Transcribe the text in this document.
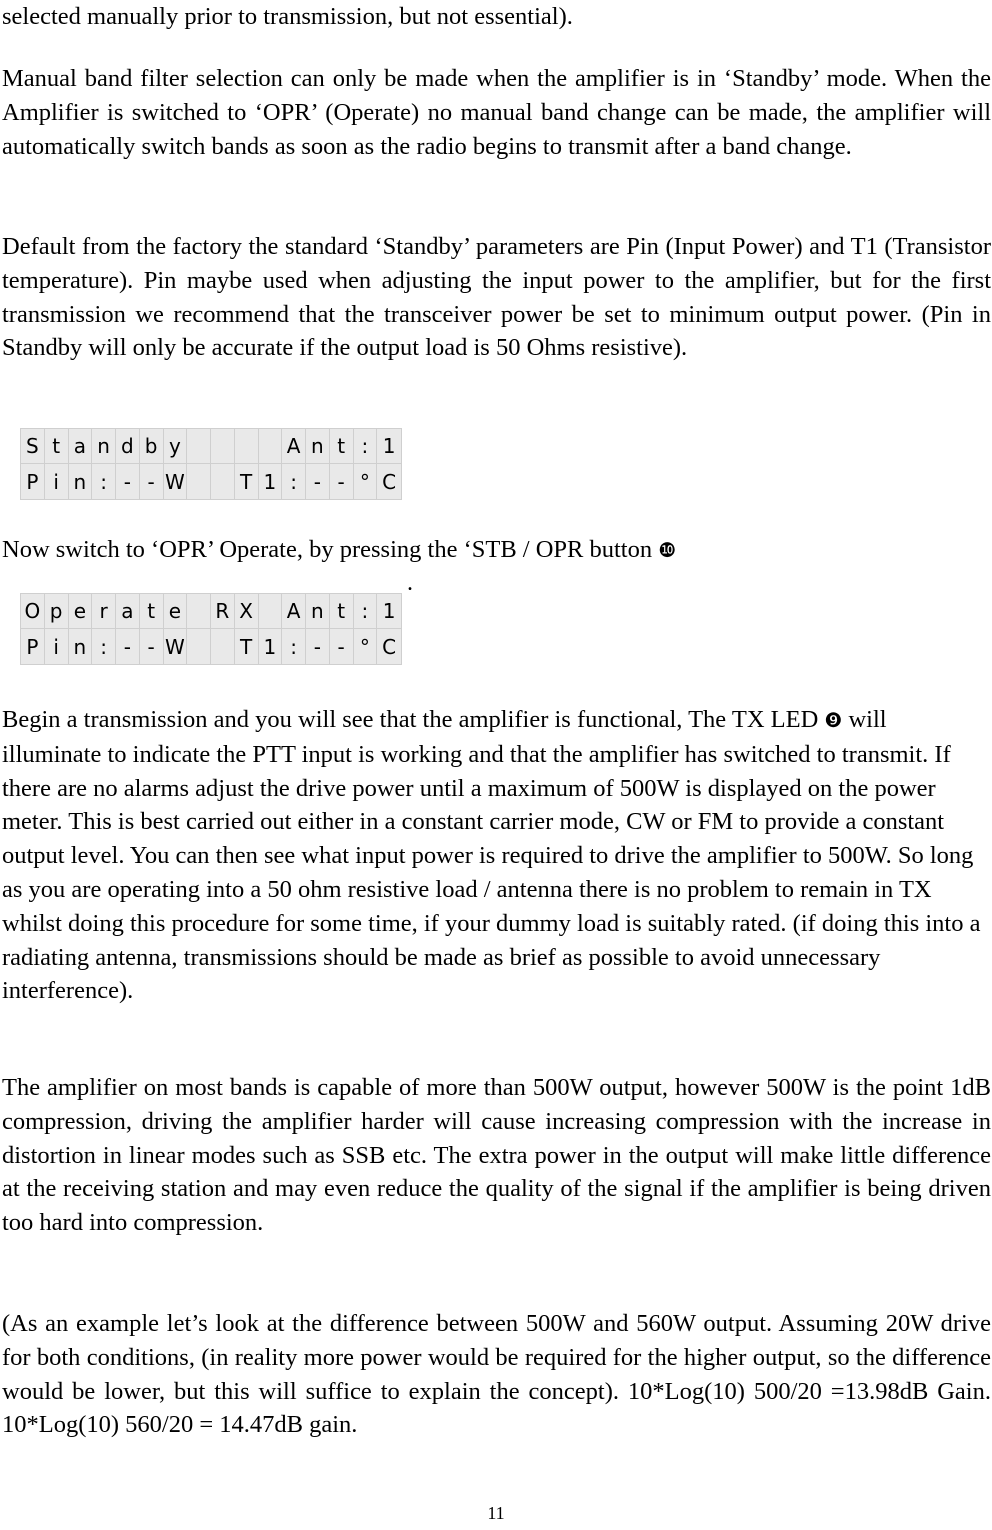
selected manually prior to transmission, but not essential).

Manual band filter selection can only be made when the amplifier is in ‘Standby’ mode. When the Amplifier is switched to ‘OPR’ (Operate) no manual band change can be made, the amplifier will automatically switch bands as soon as the radio begins to transmit after a band change.

Default from the factory the standard ‘Standby’ parameters are Pin (Input Power) and T1 (Transistor temperature). Pin maybe used when adjusting the input power to the amplifier, but for the first transmission we recommend that the transceiver power be set to minimum output power. (Pin in Standby will only be accurate if the output load is 50 Ohms resistive).

S t a n d b y	A n t : 1
P i n : - - W	T 1 : - - ° C

Now switch to ‘OPR’ Operate, by pressing the ‘STB / OPR button ❿

.
O p e r a t e	R X A n t : 1
P i n : - - W	T 1 : - - ° C

Begin a transmission and you will see that the amplifier is functional, The TX LED ❾ will illuminate to indicate the PTT input is working and that the amplifier has switched to transmit. If there are no alarms adjust the drive power until a maximum of 500W is displayed on the power meter. This is best carried out either in a constant carrier mode, CW or FM to provide a constant output level. You can then see what input power is required to drive the amplifier to 500W. So long as you are operating into a 50 ohm resistive load / antenna there is no problem to remain in TX whilst doing this procedure for some time, if your dummy load is suitably rated. (if doing this into a radiating antenna, transmissions should be made as brief as possible to avoid unnecessary interference).

The amplifier on most bands is capable of more than 500W output, however 500W is the point 1dB compression, driving the amplifier harder will cause increasing compression with the increase in distortion in linear modes such as SSB etc. The extra power in the output will make little difference at the receiving station and may even reduce the quality of the signal if the amplifier is being driven too hard into compression.

(As an example let’s look at the difference between 500W and 560W output. Assuming 20W drive for both conditions, (in reality more power would be required for the higher output, so the difference would be lower, but this will suffice to explain the concept). 10*Log(10) 500/20 =13.98dB Gain. 10*Log(10) 560/20 = 14.47dB gain.

11
